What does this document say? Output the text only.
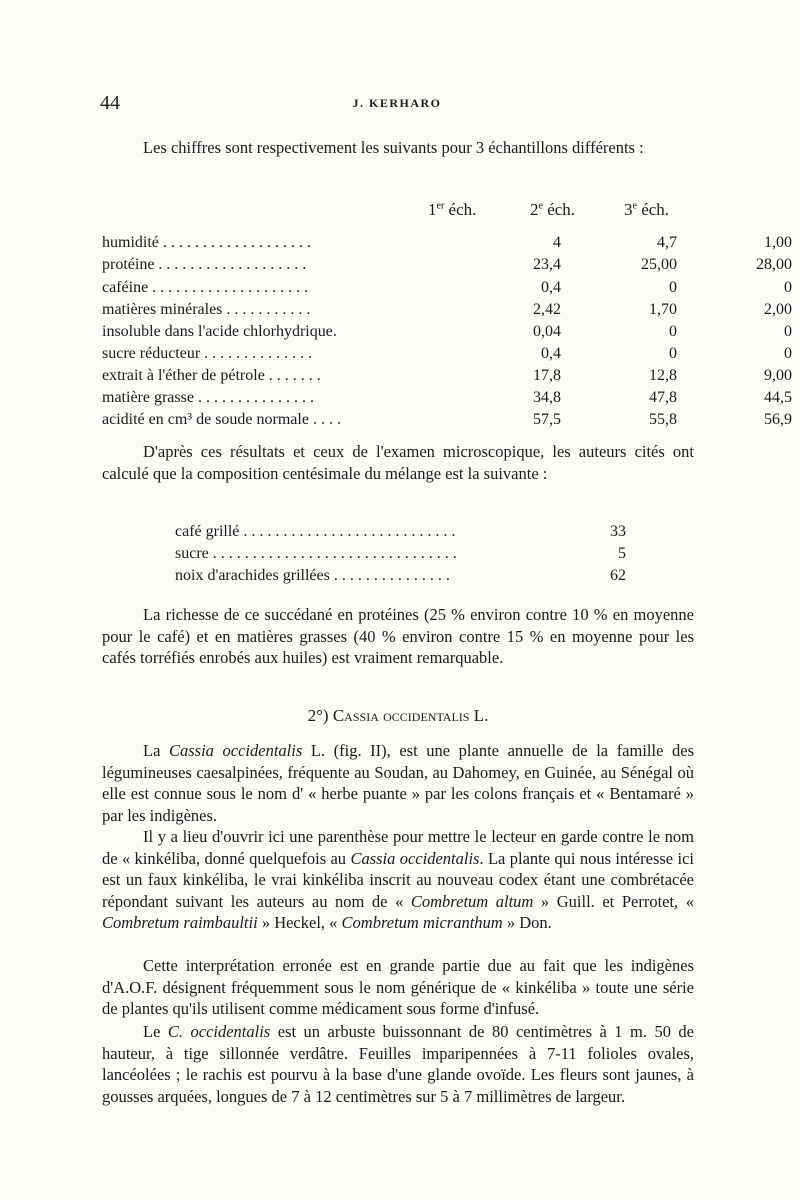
44	J. KERHARO

Les chiffres sont respectivement les suivants pour 3 échantillons différents :

1er éch.	2e éch.	3e éch.
humidité . . . . . . . . . . . . . . . . . . .	4	4,7	1,00
protéine . . . . . . . . . . . . . . . . . . .	23,4	25,00	28,00
caféine . . . . . . . . . . . . . . . . . . . .	0,4	0	0
matières minérales . . . . . . . . . . .	2,42	1,70	2,00
insoluble dans l'acide chlorhydrique.	0,04	0	0
sucre réducteur . . . . . . . . . . . . . .	0,4	0	0
extrait à l'éther de pétrole . . . . . . .	17,8	12,8	9,00
matière grasse . . . . . . . . . . . . . . .	34,8	47,8	44,5
acidité en cm³ de soude normale . . . .	57,5	55,8	56,9

D'après ces résultats et ceux de l'examen microscopique, les auteurs cités ont calculé que la composition centésimale du mélange est la suivante :

café grillé . . . . . . . . . . . . . . . . . . . . . . . . . . .	33
sucre . . . . . . . . . . . . . . . . . . . . . . . . . . . . . . .	5
noix d'arachides grillées . . . . . . . . . . . . . . .	62

La richesse de ce succédané en protéines (25 % environ contre 10 % en moyenne pour le café) et en matières grasses (40 % environ contre 15 % en moyenne pour les cafés torréfiés enrobés aux huiles) est vraiment remarquable.

2°) Cassia occidentalis L.

La Cassia occidentalis L. (fig. II), est une plante annuelle de la famille des légumineuses caesalpinées, fréquente au Soudan, au Dahomey, en Guinée, au Sénégal où elle est connue sous le nom d' « herbe puante » par les colons français et « Bentamaré » par les indigènes.

Il y a lieu d'ouvrir ici une parenthèse pour mettre le lecteur en garde contre le nom de « kinkéliba, donné quelquefois au Cassia occidentalis. La plante qui nous intéresse ici est un faux kinkéliba, le vrai kinkéliba inscrit au nouveau codex étant une combrétacée répondant suivant les auteurs au nom de « Combretum altum » Guill. et Perrotet, « Combretum raimbaultii » Heckel, « Combretum micranthum » Don.

Cette interprétation erronée est en grande partie due au fait que les indigènes d'A.O.F. désignent fréquemment sous le nom générique de « kinkéliba » toute une série de plantes qu'ils utilisent comme médicament sous forme d'infusé.

Le C. occidentalis est un arbuste buissonnant de 80 centimètres à 1 m. 50 de hauteur, à tige sillonnée verdâtre. Feuilles imparipennées à 7-11 folioles ovales, lancéolées ; le rachis est pourvu à la base d'une glande ovoïde. Les fleurs sont jaunes, à gousses arquées, longues de 7 à 12 centimètres sur 5 à 7 millimètres de largeur.
